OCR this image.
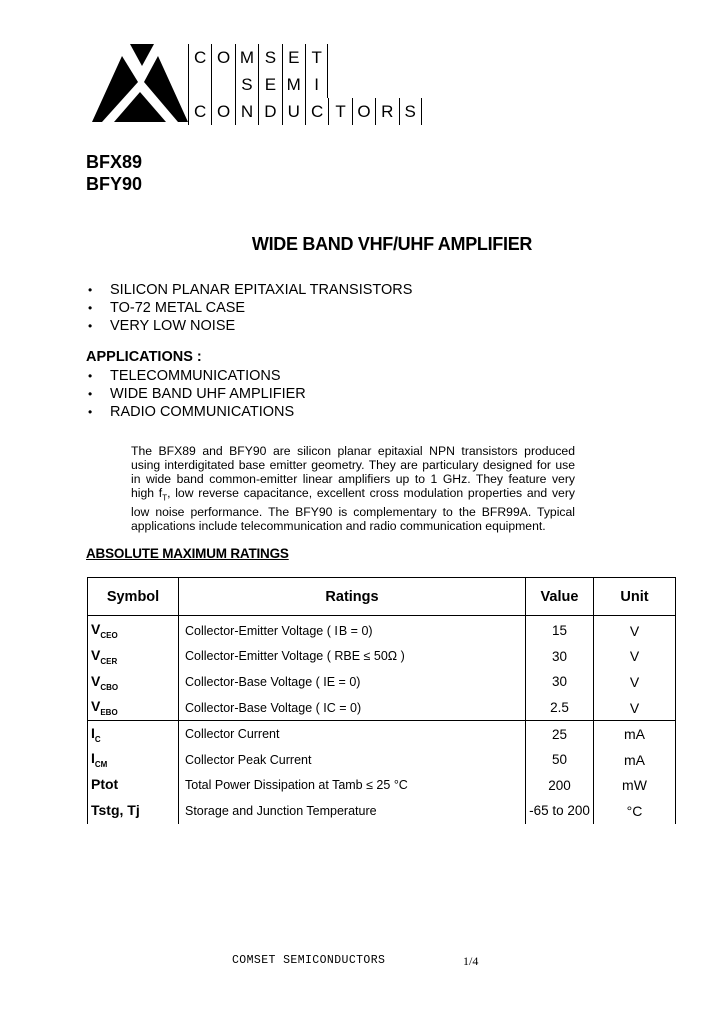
C O M S E T
S E M I
C O N D U C T O R S
BFX89
BFY90
WIDE BAND VHF/UHF AMPLIFIER
•	SILICON PLANAR EPITAXIAL TRANSISTORS
•	TO-72 METAL CASE
•	VERY LOW NOISE
APPLICATIONS :
•	TELECOMMUNICATIONS
•	WIDE BAND UHF AMPLIFIER
•	RADIO COMMUNICATIONS
The BFX89 and BFY90 are silicon planar epitaxial NPN transistors produced using interdigitated base emitter geometry. They are particulary designed for use in wide band common-emitter linear amplifiers up to 1 GHz. They feature very high $f_T$, low reverse capacitance, excellent cross modulation properties and very low noise performance. The BFY90 is complementary to the BFR99A. Typical applications include telecommunication and radio communication equipment.
ABSOLUTE MAXIMUM RATINGS
Symbol	Ratings	Value	Unit
$V_{CEO}$	Collector-Emitter Voltage ( I B = 0)	15	V
$V_{CER}$	Collector-Emitter Voltage ( RBE ≤ 50Ω )	30	V
$V_{CBO}$	Collector-Base Voltage ( IE = 0)	30	V
$V_{EBO}$	Collector-Base Voltage ( IC = 0)	2.5	V
$I_C$	Collector Current	25	mA
$I_{CM}$	Collector Peak Current	50	mA
Ptot	Total Power Dissipation at Tamb ≤ 25 °C	200	mW
Tstg, Tj	Storage and Junction Temperature	-65 to 200	°C
COMSET SEMICONDUCTORS	1/4
